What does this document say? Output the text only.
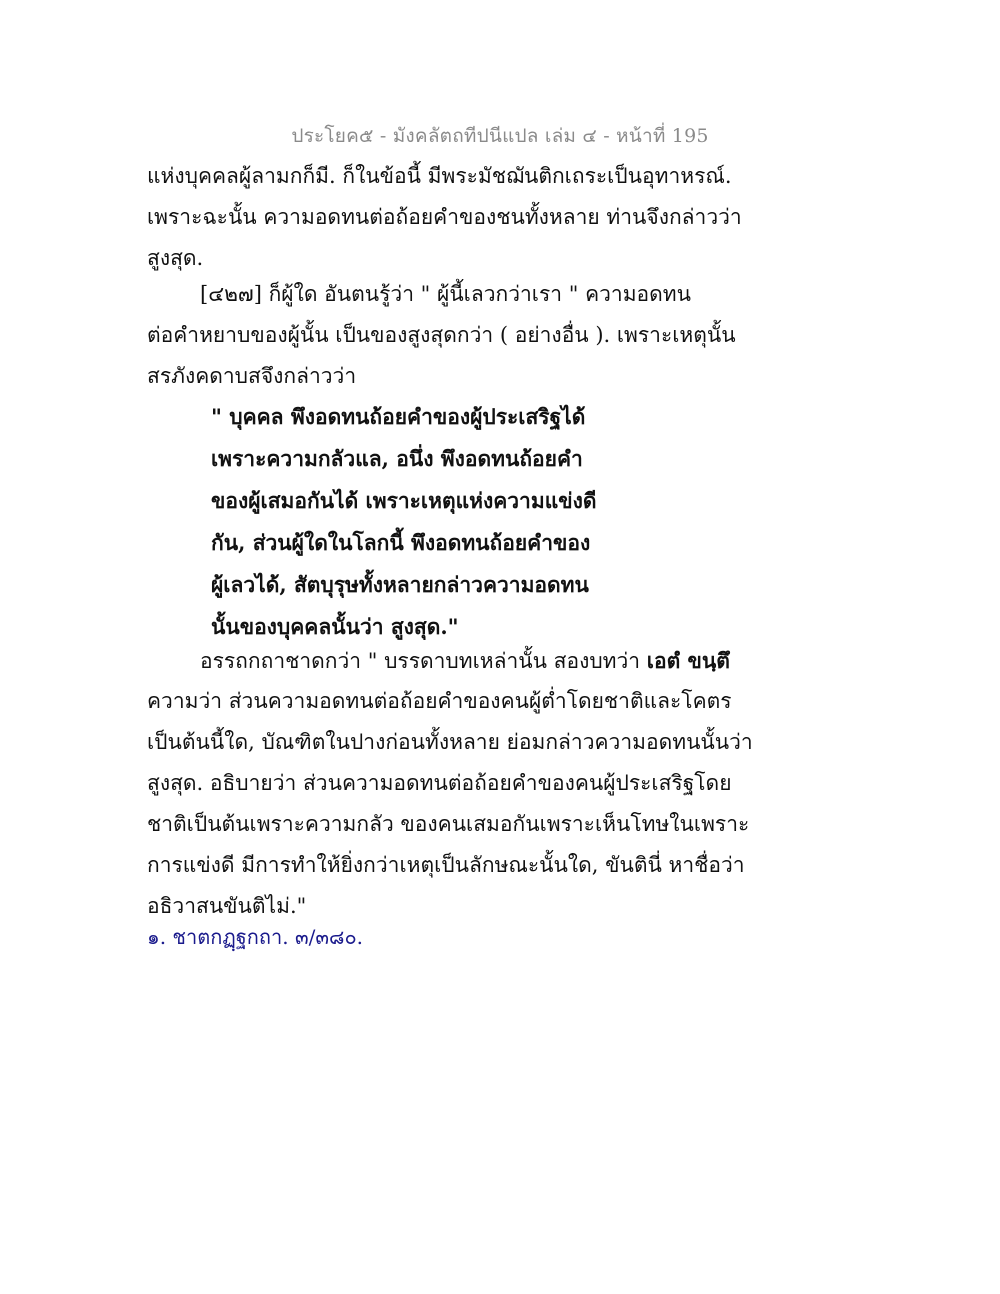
ประโยค๕ - มังคลัตถทีปนีแปล เล่ม ๔ - หน้าที่ 195
แห่งบุคคลผู้ลามกก็มี. ก็ในข้อนี้ มีพระมัชฌันติกเถระเป็นอุทาหรณ์.
เพราะฉะนั้น ความอดทนต่อถ้อยคำของชนทั้งหลาย ท่านจึงกล่าวว่า
สูงสุด.
[๔๒๗] ก็ผู้ใด อันตนรู้ว่า " ผู้นี้เลวกว่าเรา " ความอดทน
ต่อคำหยาบของผู้นั้น เป็นของสูงสุดกว่า ( อย่างอื่น ). เพราะเหตุนั้น
สรภังคดาบสจึงกล่าวว่า
" บุคคล พึงอดทนถ้อยคำของผู้ประเสริฐได้
เพราะความกลัวแล, อนึ่ง พึงอดทนถ้อยคำ
ของผู้เสมอกันได้ เพราะเหตุแห่งความแข่งดี
กัน, ส่วนผู้ใดในโลกนี้ พึงอดทนถ้อยคำของ
ผู้เลวได้, สัตบุรุษทั้งหลายกล่าวความอดทน
นั้นของบุคคลนั้นว่า สูงสุด."
อรรถกถาชาดกว่า " บรรดาบทเหล่านั้น สองบทว่า เอตํ ขนฺตึ
ความว่า ส่วนความอดทนต่อถ้อยคำของคนผู้ต่ำโดยชาติและโคตร
เป็นต้นนี้ใด, บัณฑิตในปางก่อนทั้งหลาย ย่อมกล่าวความอดทนนั้นว่า
สูงสุด. อธิบายว่า ส่วนความอดทนต่อถ้อยคำของคนผู้ประเสริฐโดย
ชาติเป็นต้นเพราะความกลัว ของคนเสมอกันเพราะเห็นโทษในเพราะ
การแข่งดี มีการทำให้ยิ่งกว่าเหตุเป็นลักษณะนั้นใด, ขันตินี่ หาชื่อว่า
อธิวาสนขันติไม่."
๑. ชาตกฏฺฐกถา. ๓/๓๘๐.
